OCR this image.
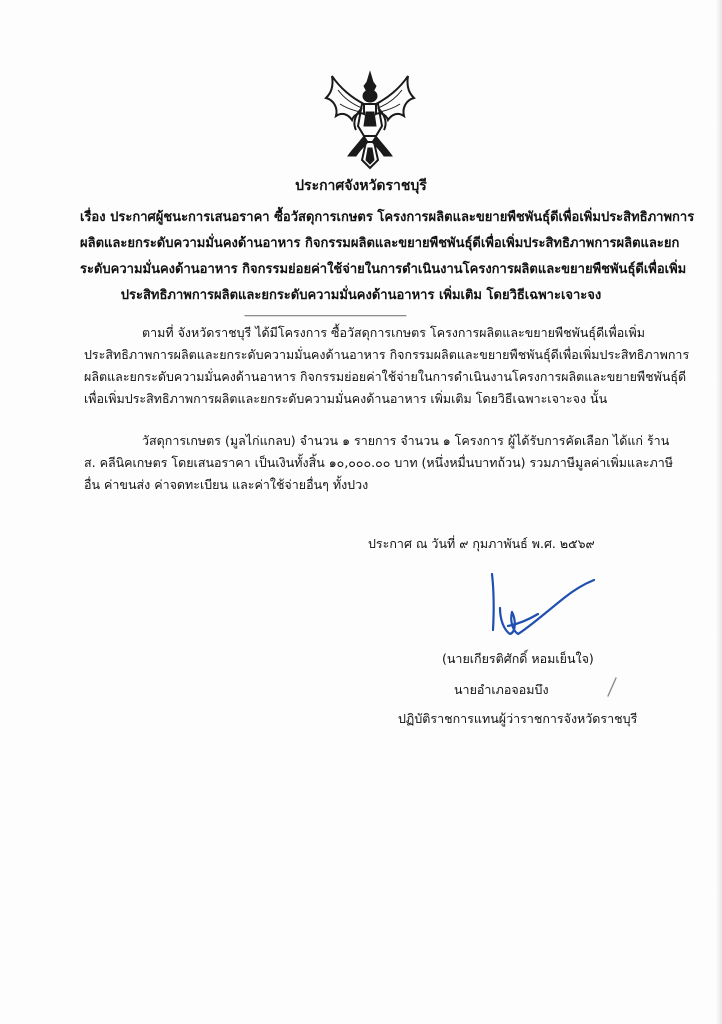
ประกาศจังหวัดราชบุรี
เรื่อง ประกาศผู้ชนะการเสนอราคา ซื้อวัสดุการเกษตร โครงการผลิตและขยายพืชพันธุ์ดีเพื่อเพิ่มประสิทธิภาพการ
ผลิตและยกระดับความมั่นคงด้านอาหาร กิจกรรมผลิตและขยายพืชพันธุ์ดีเพื่อเพิ่มประสิทธิภาพการผลิตและยก
ระดับความมั่นคงด้านอาหาร กิจกรรมย่อยค่าใช้จ่ายในการดำเนินงานโครงการผลิตและขยายพืชพันธุ์ดีเพื่อเพิ่ม
ประสิทธิภาพการผลิตและยกระดับความมั่นคงด้านอาหาร เพิ่มเติม โดยวิธีเฉพาะเจาะจง
------------------------------------------------------------------------
ตามที่ จังหวัดราชบุรี ได้มีโครงการ ซื้อวัสดุการเกษตร โครงการผลิตและขยายพืชพันธุ์ดีเพื่อเพิ่ม
ประสิทธิภาพการผลิตและยกระดับความมั่นคงด้านอาหาร กิจกรรมผลิตและขยายพืชพันธุ์ดีเพื่อเพิ่มประสิทธิภาพการ
ผลิตและยกระดับความมั่นคงด้านอาหาร กิจกรรมย่อยค่าใช้จ่ายในการดำเนินงานโครงการผลิตและขยายพืชพันธุ์ดี
เพื่อเพิ่มประสิทธิภาพการผลิตและยกระดับความมั่นคงด้านอาหาร เพิ่มเติม โดยวิธีเฉพาะเจาะจง นั้น
วัสดุการเกษตร (มูลไก่แกลบ) จำนวน ๑ รายการ จำนวน ๑ โครงการ ผู้ได้รับการคัดเลือก ได้แก่ ร้าน
ส. คลีนิคเกษตร โดยเสนอราคา เป็นเงินทั้งสิ้น ๑๐,๐๐๐.๐๐ บาท (หนึ่งหมื่นบาทถ้วน) รวมภาษีมูลค่าเพิ่มและภาษี
อื่น ค่าขนส่ง ค่าจดทะเบียน และค่าใช้จ่ายอื่นๆ ทั้งปวง
ประกาศ ณ วันที่ ๙ กุมภาพันธ์ พ.ศ. ๒๕๖๙
(นายเกียรติศักดิ์ หอมเย็นใจ)
นายอำเภอจอมบึง
ปฏิบัติราชการแทนผู้ว่าราชการจังหวัดราชบุรี
